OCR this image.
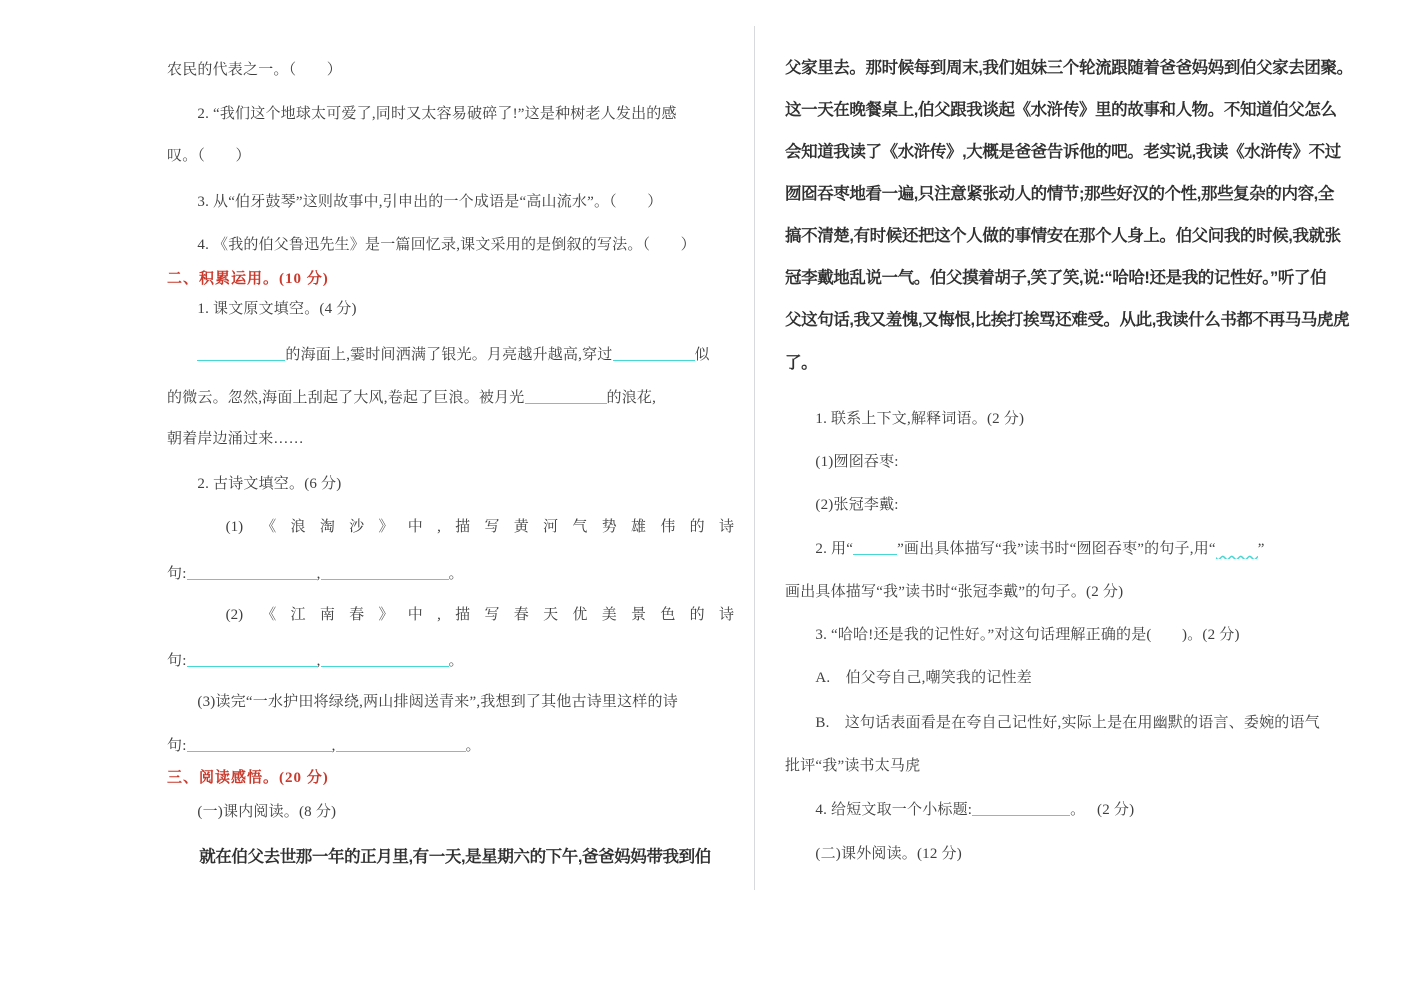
农民的代表之一。（　　）
　　2. “我们这个地球太可爱了,同时又太容易破碎了!”这是种树老人发出的感
叹。（　　）
　　3. 从“伯牙鼓琴”这则故事中,引申出的一个成语是“高山流水”。（　　）
　　4. 《我的伯父鲁迅先生》是一篇回忆录,课文采用的是倒叙的写法。（　　）
二、积累运用。(10 分)
　　1. 课文原文填空。(4 分)
　　的海面上,霎时间洒满了银光。月亮越升越高,穿过	似
的微云。忽然,海面上刮起了大风,卷起了巨浪。被月光	的浪花,
朝着岸边涌过来……
　　2. 古诗文填空。(6 分)
　　(1) 《浪淘沙》中,描写黄河气势雄伟的诗
句:	,	。
　　(2) 《江南春》中,描写春天优美景色的诗
句:	,	。
　　(3)读完“一水护田将绿绕,两山排闼送青来”,我想到了其他古诗里这样的诗
句:	,	。
三、阅读感悟。(20 分)
　　(一)课内阅读。(8 分)
　　就在伯父去世那一年的正月里,有一天,是星期六的下午,爸爸妈妈带我到伯
父家里去。那时候每到周末,我们姐妹三个轮流跟随着爸爸妈妈到伯父家去团聚。
这一天在晚餐桌上,伯父跟我谈起《水浒传》里的故事和人物。不知道伯父怎么
会知道我读了《水浒传》,大概是爸爸告诉他的吧。老实说,我读《水浒传》不过
囫囵吞枣地看一遍,只注意紧张动人的情节;那些好汉的个性,那些复杂的内容,全
搞不清楚,有时候还把这个人做的事情安在那个人身上。伯父问我的时候,我就张
冠李戴地乱说一气。伯父摸着胡子,笑了笑,说:“哈哈!还是我的记性好。”听了伯
父这句话,我又羞愧,又悔恨,比挨打挨骂还难受。从此,我读什么书都不再马马虎虎
了。
　　1. 联系上下文,解释词语。(2 分)
　　(1)囫囵吞枣:
　　(2)张冠李戴:
　　2. 用“	”画出具体描写“我”读书时“囫囵吞枣”的句子,用“	”
画出具体描写“我”读书时“张冠李戴”的句子。(2 分)
　　3. “哈哈!还是我的记性好。”对这句话理解正确的是(　　)。(2 分)
　　A.　伯父夸自己,嘲笑我的记性差
　　B.　这句话表面看是在夸自己记性好,实际上是在用幽默的语言、委婉的语气
批评“我”读书太马虎
　　4. 给短文取一个小标题:	。　 (2 分)
　　(二)课外阅读。(12 分)
